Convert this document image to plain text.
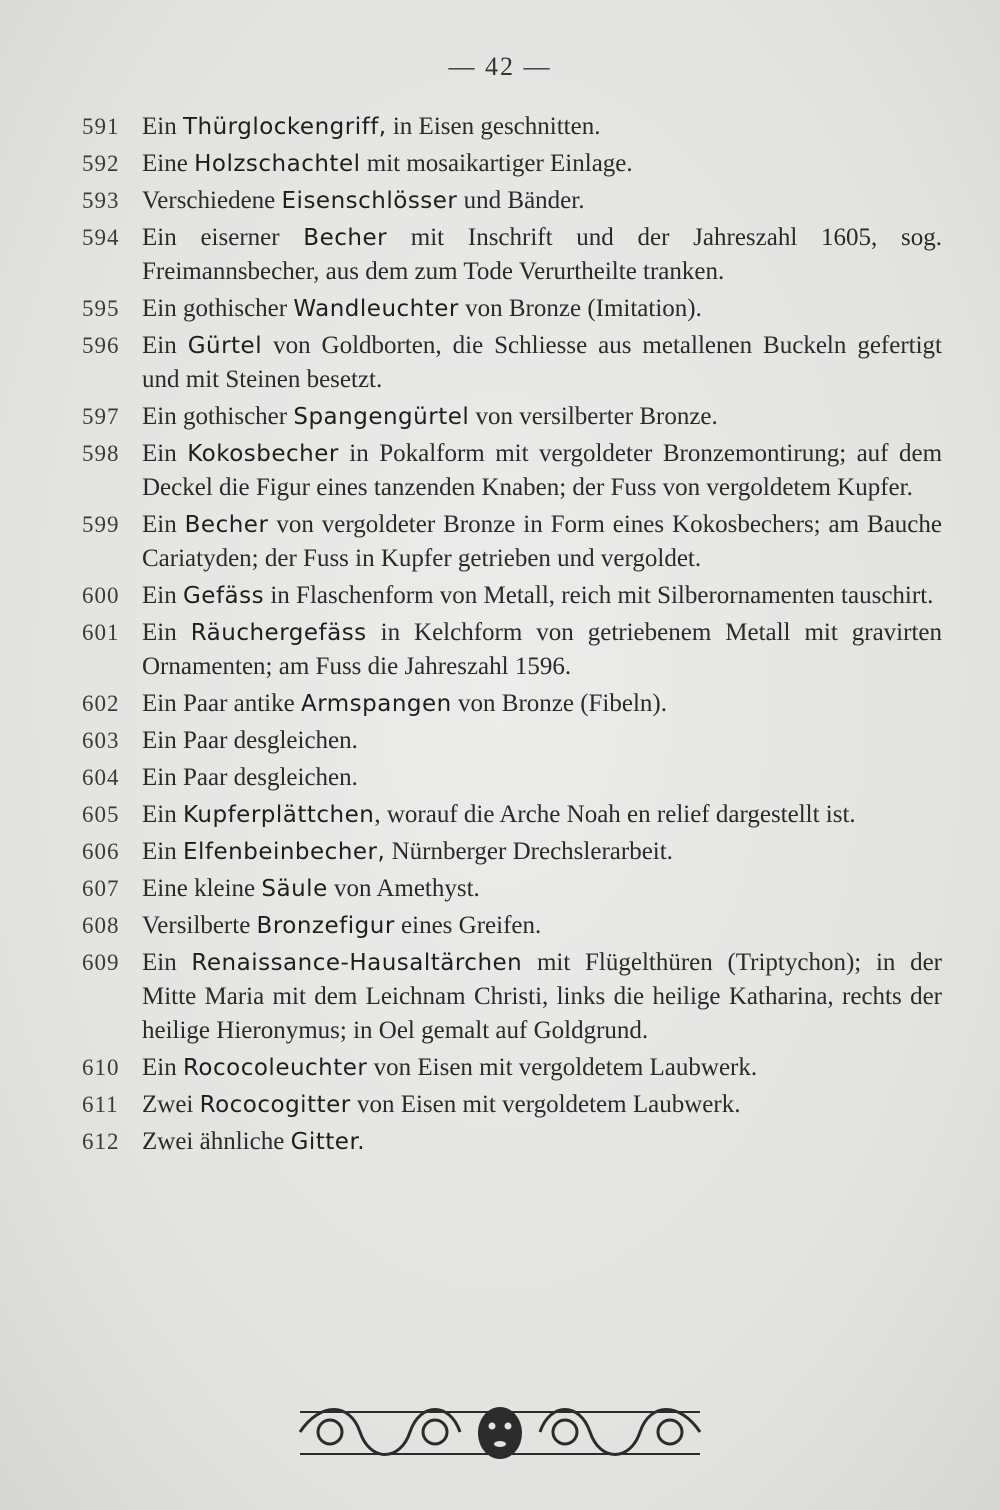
— 42 —
591 Ein Thürglockengriff, in Eisen geschnitten.
592 Eine Holzschachtel mit mosaikartiger Einlage.
593 Verschiedene Eisenschlösser und Bänder.
594 Ein eiserner Becher mit Inschrift und der Jahreszahl 1605, sog. Freimannsbecher, aus dem zum Tode Verurtheilte tranken.
595 Ein gothischer Wandleuchter von Bronze (Imitation).
596 Ein Gürtel von Goldborten, die Schliesse aus metallenen Buckeln gefertigt und mit Steinen besetzt.
597 Ein gothischer Spangengürtel von versilberter Bronze.
598 Ein Kokosbecher in Pokalform mit vergoldeter Bronzemontirung; auf dem Deckel die Figur eines tanzenden Knaben; der Fuss von vergoldetem Kupfer.
599 Ein Becher von vergoldeter Bronze in Form eines Kokosbechers; am Bauche Cariatyden; der Fuss in Kupfer getrieben und vergoldet.
600 Ein Gefäss in Flaschenform von Metall, reich mit Silberornamenten tauschirt.
601 Ein Räuchergefäss in Kelchform von getriebenem Metall mit gravirten Ornamenten; am Fuss die Jahreszahl 1596.
602 Ein Paar antike Armspangen von Bronze (Fibeln).
603 Ein Paar desgleichen.
604 Ein Paar desgleichen.
605 Ein Kupferplättchen, worauf die Arche Noah en relief dargestellt ist.
606 Ein Elfenbeinbecher, Nürnberger Drechslerarbeit.
607 Eine kleine Säule von Amethyst.
608 Versilberte Bronzefigur eines Greifen.
609 Ein Renaissance-Hausaltärchen mit Flügelthüren (Triptychon); in der Mitte Maria mit dem Leichnam Christi, links die heilige Katharina, rechts der heilige Hieronymus; in Oel gemalt auf Goldgrund.
610 Ein Rococoleuchter von Eisen mit vergoldetem Laubwerk.
611 Zwei Rococogitter von Eisen mit vergoldetem Laubwerk.
612 Zwei ähnliche Gitter.
